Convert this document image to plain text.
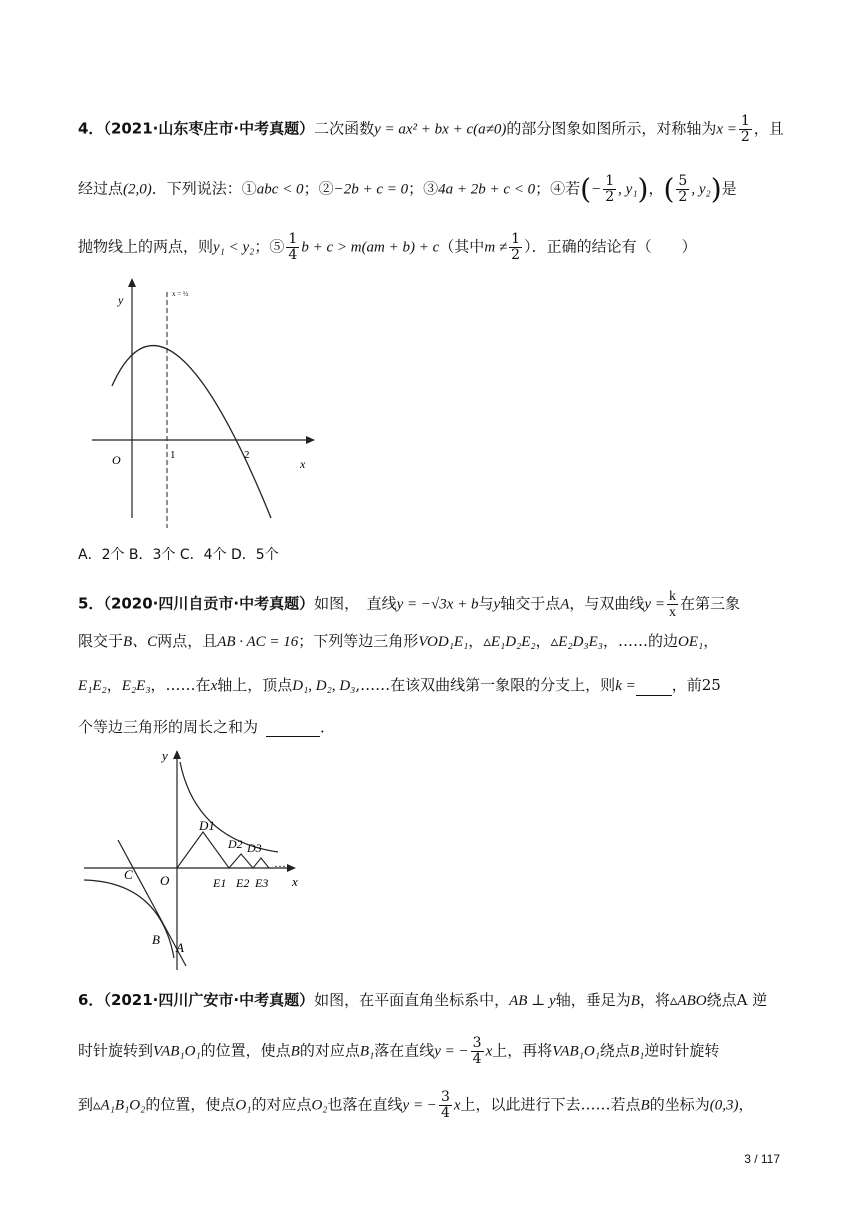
4．（2021·山东枣庄市·中考真题）二次函数y = ax² + bx + c(a≠0)的部分图象如图所示，对称轴为$x = \frac{1}{2}$ ，且
经过点(2,0)．下列说法：①abc < 0；②−2b + c = 0；③4a + 2b + c < 0；④若(− $\frac{1}{2}$ , y₁)，( $\frac{5}{2}$ , y₂)是
抛物线上的两点，则y₁ < y₂；⑤ $\frac{1}{4}$ b + c > m(am + b) + c（其中$m \ne \frac{1}{2}$ ）．正确的结论有（　　）
y
x
O	1	2
x = ½
A．2个 B．3个 C．4个 D．5个
5．（2020·四川自贡市·中考真题）如图，　直线y = −√3x + b与y轴交于点A，与双曲线$y = \frac{k}{x}$ 在第三象
限交于B、C两点，且AB · AC = 16；下列等边三角形VOD₁E₁，▵E₁D₂E₂，▵E₂D₃E₃，……的边OE₁，
E₁E₂，E₂E₃，……在x轴上，顶点D₁, D₂, D₃,……在该双曲线第一象限的分支上，则k = ，前25
个等边三角形的周长之和为	．
y
x
O
C
B
A
D1
D2 D3
E1 E2 E3
…
6．（2021·四川广安市·中考真题）如图，在平面直角坐标系中，AB ⊥ y轴，垂足为B，将▵ABO绕点A 逆
时针旋转到VAB₁O₁的位置，使点B的对应点B₁落在直线y = − $\frac{3}{4}$ x上，再将VAB₁O₁绕点B₁逆时针旋转
到▵A₁B₁O₂的位置，使点O₁的对应点O₂也落在直线y = − $\frac{3}{4}$ x上，以此进行下去……若点B的坐标为(0,3)，
3 / 117
